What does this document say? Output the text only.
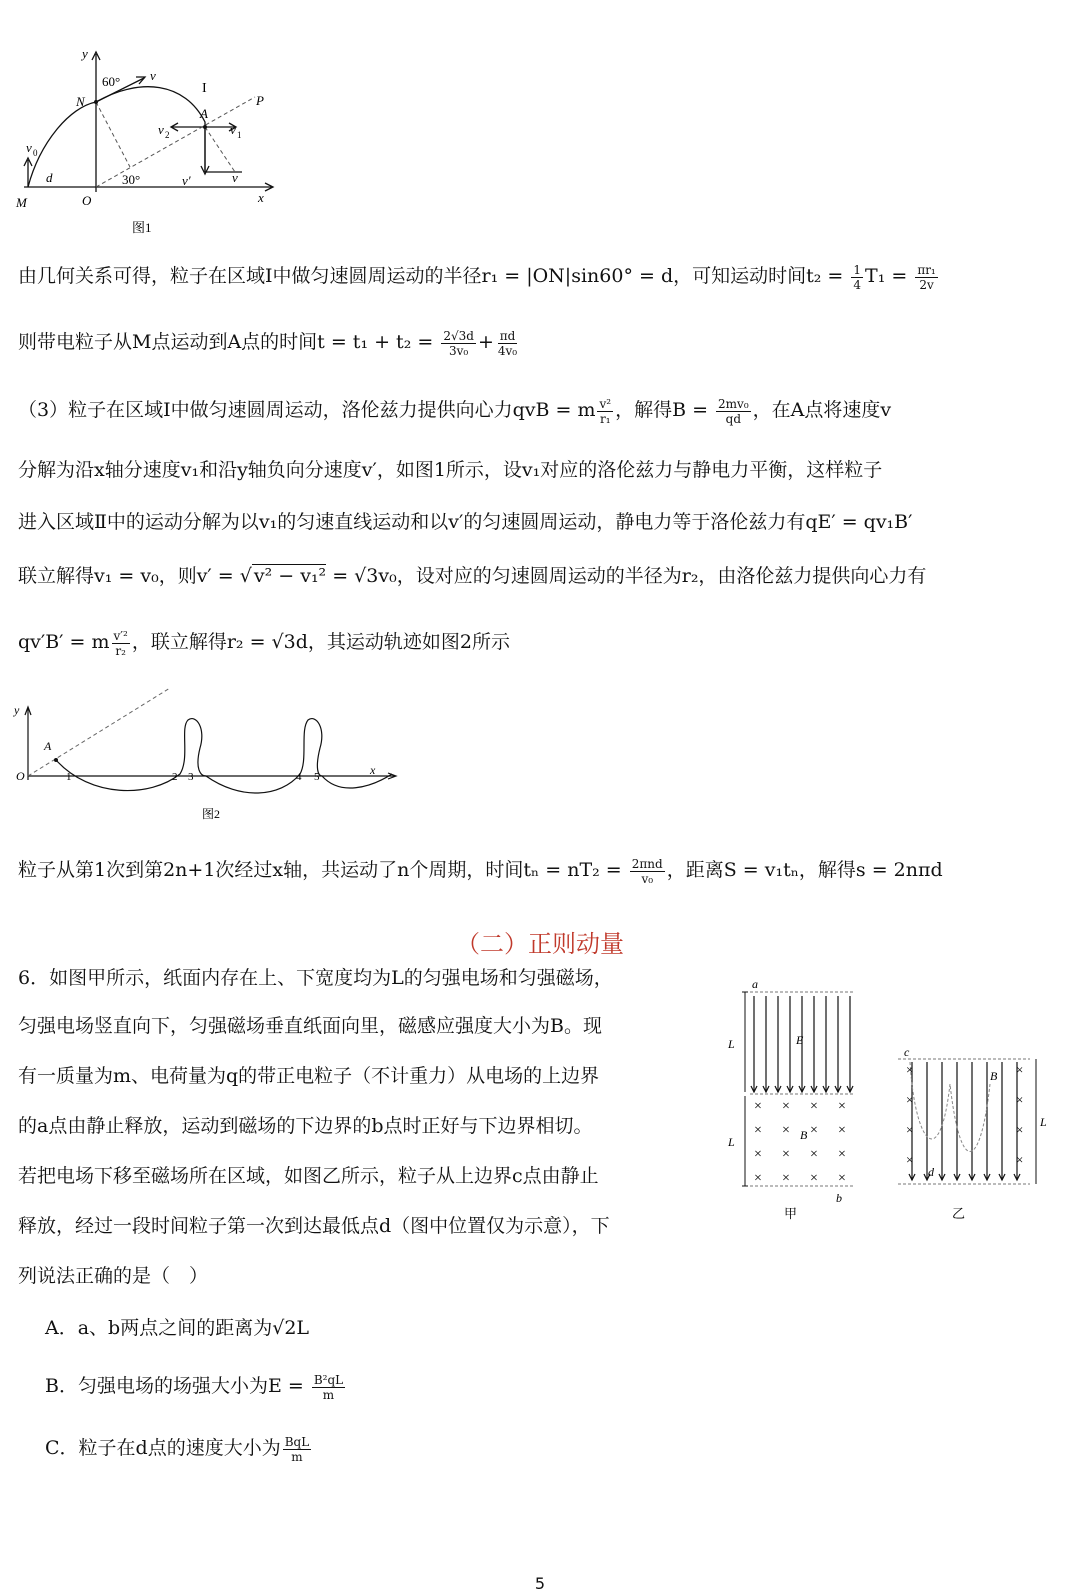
y
x
N
A
P
M	O
I
v
v 1
v 2
v′	v
v 0
d
60°
30°
图1
由几何关系可得，粒子在区域Ⅰ中做匀速圆周运动的半径r₁ = |ON|sin60° = d，可知运动时间$t_2 = \frac{1}{4} T_1 = \frac{\text{πr₁}}{2v}$
则带电粒子从M点运动到A点的时间$t = t_1 + t_2 = \frac{2√3d}{\text{3v₀}} + \frac{\pi d}{\text{4v₀}}$
（3）粒子在区域Ⅰ中做匀速圆周运动，洛伦兹力提供向心力qvB = m $\frac{\text{v²}}{\text{r₁}}$ ，解得$B = \frac{\text{2mv₀}}{qd}$ ，在A点将速度v
分解为沿x轴分速度v₁和沿y轴负向分速度v′，如图1所示，设v₁对应的洛伦兹力与静电力平衡，这样粒子
进入区域Ⅱ中的运动分解为以v₁的匀速直线运动和以v′的匀速圆周运动，静电力等于洛伦兹力有qE′ = qv₁B′
联立解得v₁ = v₀，则v′ = √ v² − v₁² = √3v₀，设对应的匀速圆周运动的半径为r₂，由洛伦兹力提供向心力有
qv′B′ = m $\frac{\text{v′²}}{\text{r₂}}$ ，联立解得r₂ = √3d，其运动轨迹如图2所示
y
x
O
A
1	2 3	4 5
图2
粒子从第1次到第2n+1次经过x轴，共运动了n个周期，时间$t_n = nT_2 = \frac{\text{2πnd}}{\text{v₀}}$ ，距离S = v₁tₙ，解得s = 2nπd
（二）正则动量
6．如图甲所示，纸面内存在上、下宽度均为L的匀强电场和匀强磁场，
匀强电场竖直向下，匀强磁场垂直纸面向里，磁感应强度大小为B。现
有一质量为m、电荷量为q的带正电粒子（不计重力）从电场的上边界
的a点由静止释放，运动到磁场的下边界的b点时正好与下边界相切。
若把电场下移至磁场所在区域，如图乙所示，粒子从上边界c点由静止
释放，经过一段时间粒子第一次到达最低点d（图中位置仅为示意），下
列说法正确的是（　）
a
L
L
E
B
b
甲
× × × ×
× × × ×
× × × ×
× × × ×
×
×
×
×
×
×
×
×
c
d
B
L
乙
A．a、b两点之间的距离为√2L
B．匀强电场的场强大小为$E = \frac{\text{B²qL}}{m}$
C．粒子在d点的速度大小为 $\frac{\text{BqL}}{m}$
5
